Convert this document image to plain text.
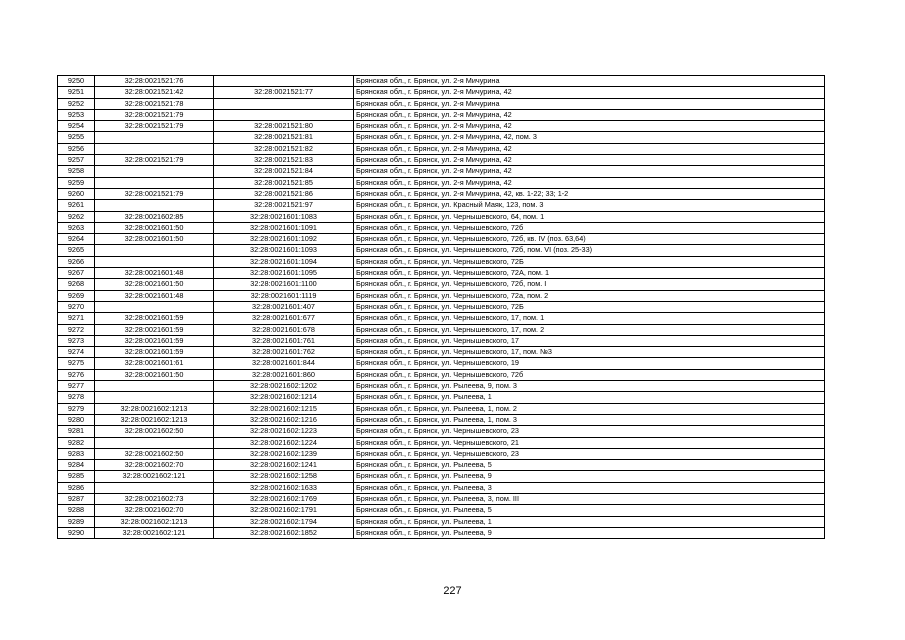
9250	32:28:0021521:76		Брянская обл., г. Брянск, ул. 2-я Мичурина
9251	32:28:0021521:42	32:28:0021521:77	Брянская обл., г. Брянск, ул. 2-я Мичурина, 42
9252	32:28:0021521:78		Брянская обл., г. Брянск, ул. 2-я Мичурина
9253	32:28:0021521:79		Брянская обл., г. Брянск, ул. 2-я Мичурина, 42
9254	32:28:0021521:79	32:28:0021521:80	Брянская обл., г. Брянск, ул. 2-я Мичурина, 42
9255		32:28:0021521:81	Брянская обл., г. Брянск, ул. 2-я Мичурина, 42, пом. 3
9256		32:28:0021521:82	Брянская обл., г. Брянск, ул. 2-я Мичурина, 42
9257	32:28:0021521:79	32:28:0021521:83	Брянская обл., г. Брянск, ул. 2-я Мичурина, 42
9258		32:28:0021521:84	Брянская обл., г. Брянск, ул. 2-я Мичурина, 42
9259		32:28:0021521:85	Брянская обл., г. Брянск, ул. 2-я Мичурина, 42
9260	32:28:0021521:79	32:28:0021521:86	Брянская обл., г. Брянск, ул. 2-я Мичурина, 42, кв. 1-22; 33; 1-2
9261		32:28:0021521:97	Брянская обл., г. Брянск, ул. Красный Маяк, 123, пом. 3
9262	32:28:0021602:85	32:28:0021601:1083	Брянская обл., г. Брянск, ул. Чернышевского, 64, пом. 1
9263	32:28:0021601:50	32:28:0021601:1091	Брянская обл., г. Брянск, ул. Чернышевского, 72б
9264	32:28:0021601:50	32:28:0021601:1092	Брянская обл., г. Брянск, ул. Чернышевского, 72б, кв. IV (поз. 63,64)
9265		32:28:0021601:1093	Брянская обл., г. Брянск, ул. Чернышевского, 72б, пом. VI (поз. 25-33)
9266		32:28:0021601:1094	Брянская обл., г. Брянск, ул. Чернышевского, 72Б
9267	32:28:0021601:48	32:28:0021601:1095	Брянская обл., г. Брянск, ул. Чернышевского, 72А, пом. 1
9268	32:28:0021601:50	32:28:0021601:1100	Брянская обл., г. Брянск, ул. Чернышевского, 72б, пом. I
9269	32:28:0021601:48	32:28:0021601:1119	Брянская обл., г. Брянск, ул. Чернышевского, 72а, пом. 2
9270		32:28:0021601:407	Брянская обл., г. Брянск, ул. Чернышевского, 72Б
9271	32:28:0021601:59	32:28:0021601:677	Брянская обл., г. Брянск, ул. Чернышевского, 17, пом. 1
9272	32:28:0021601:59	32:28:0021601:678	Брянская обл., г. Брянск, ул. Чернышевского, 17, пом. 2
9273	32:28:0021601:59	32:28:0021601:761	Брянская обл., г. Брянск, ул. Чернышевского, 17
9274	32:28:0021601:59	32:28:0021601:762	Брянская обл., г. Брянск, ул. Чернышевского, 17, пом. №3
9275	32:28:0021601:61	32:28:0021601:844	Брянская обл., г. Брянск, ул. Чернышевского, 19
9276	32:28:0021601:50	32:28:0021601:860	Брянская обл., г. Брянск, ул. Чернышевского, 72б
9277		32:28:0021602:1202	Брянская обл., г. Брянск, ул. Рылеева, 9, пом. 3
9278		32:28:0021602:1214	Брянская обл., г. Брянск, ул. Рылеева, 1
9279	32:28:0021602:1213	32:28:0021602:1215	Брянская обл., г. Брянск, ул. Рылеева, 1, пом. 2
9280	32:28:0021602:1213	32:28:0021602:1216	Брянская обл., г. Брянск, ул. Рылеева, 1, пом. 3
9281	32:28:0021602:50	32:28:0021602:1223	Брянская обл., г. Брянск, ул. Чернышевского, 23
9282		32:28:0021602:1224	Брянская обл., г. Брянск, ул. Чернышевского, 21
9283	32:28:0021602:50	32:28:0021602:1239	Брянская обл., г. Брянск, ул. Чернышевского, 23
9284	32:28:0021602:70	32:28:0021602:1241	Брянская обл., г. Брянск, ул. Рылеева, 5
9285	32:28:0021602:121	32:28:0021602:1258	Брянская обл., г. Брянск, ул. Рылеева, 9
9286		32:28:0021602:1633	Брянская обл., г. Брянск, ул. Рылеева, 3
9287	32:28:0021602:73	32:28:0021602:1769	Брянская обл., г. Брянск, ул. Рылеева, 3, пом. III
9288	32:28:0021602:70	32:28:0021602:1791	Брянская обл., г. Брянск, ул. Рылеева, 5
9289	32:28:0021602:1213	32:28:0021602:1794	Брянская обл., г. Брянск, ул. Рылеева, 1
9290	32:28:0021602:121	32:28:0021602:1852	Брянская обл., г. Брянск, ул. Рылеева, 9
227
